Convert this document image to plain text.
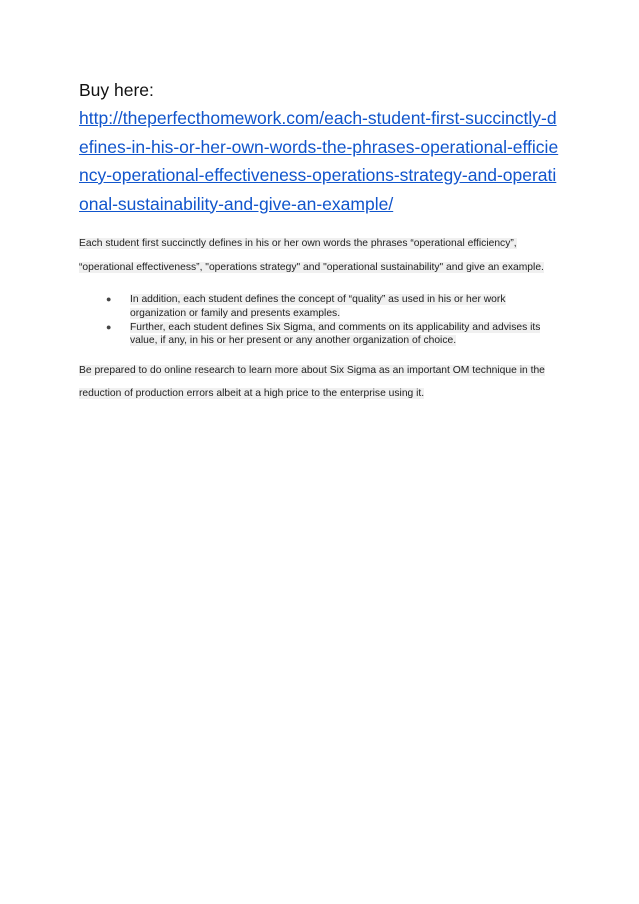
Buy here:

http://theperfecthomework.com/each-student-first-succinctly-defines-in-his-or-her-own-words-the-phrases-operational-efficiency-operational-effectiveness-operations-strategy-and-operational-sustainability-and-give-an-example/

Each student first succinctly defines in his or her own words the phrases “operational efficiency”, “operational effectiveness”, "operations strategy" and "operational sustainability" and give an example.

● In addition, each student defines the concept of “quality” as used in his or her work organization or family and presents examples.
● Further, each student defines Six Sigma, and comments on its applicability and advises its value, if any, in his or her present or any another organization of choice.

Be prepared to do online research to learn more about Six Sigma as an important OM technique in the reduction of production errors albeit at a high price to the enterprise using it.
